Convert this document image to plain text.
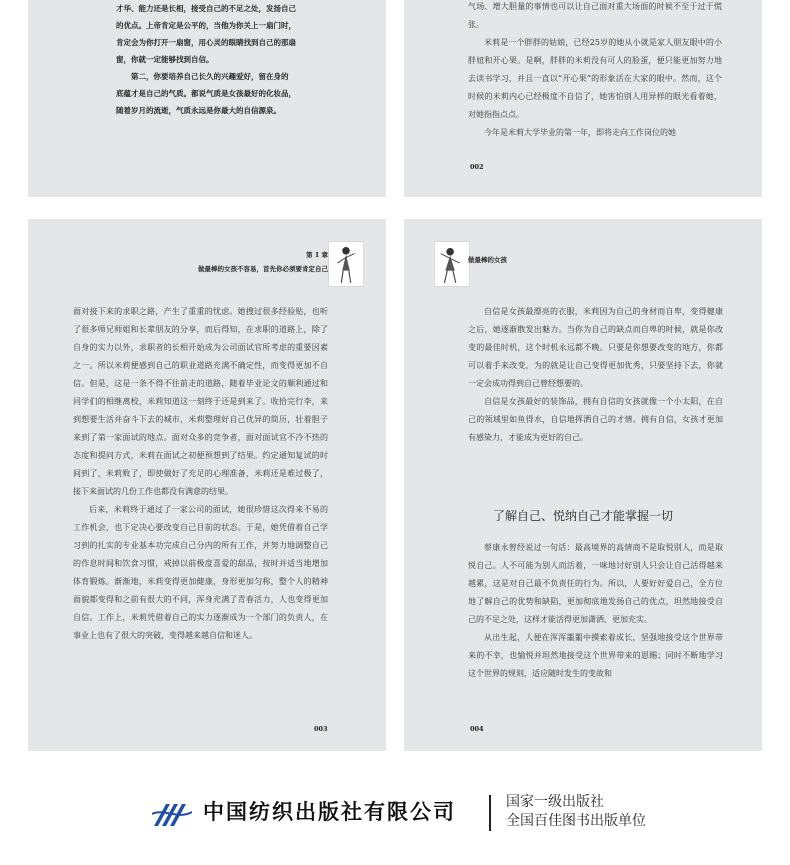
才华、能力还是长相，接受自己的不足之处，发扬自己
的优点。上帝肯定是公平的，当他为你关上一扇门时，
肯定会为你打开一扇窗，用心灵的眼睛找到自己的那扇
窗，你就一定能够找到自信。
第二，你要培养自己长久的兴趣爱好，留在身的
底蕴才是自己的气质。都说气质是女孩最好的化妆品，
随着岁月的流逝，气质永远是你最大的自信源泉。

气场、增大胆量的事情也可以让自己面对重大场面的时候不至于过于慌张。

米莉是一个胖胖的姑娘，已经25岁的她从小就是家人朋友眼中的小胖妞和开心果。是啊，胖胖的米莉没有可人的脸蛋，便只能更加努力地去读书学习，并且一直以“开心果”的形象活在大家的眼中。然而，这个时候的米莉内心已经极度不自信了，她害怕别人用异样的眼光看着她，对她指指点点。

今年是米莉大学毕业的第一年，即将走向工作岗位的她

002
第 1 章
做最棒的女孩不容易，首先你必须要肯定自己

面对接下来的求职之路，产生了重重的忧虑。她搜过很多经验贴，也听了很多师兄师姐和长辈朋友的分享，而后得知，在求职的道路上，除了自身的实力以外，求职者的长相开始成为公司面试官所考虑的重要因素之一。所以米莉便感到自己的职业道路充满不确定性，而变得更加不自信。但是，这是一条不得不往前走的道路，随着毕业论文的顺利通过和同学们的相继离校，米莉知道这一刻终于还是到来了。收拾完行李，来到想要生活并奋斗下去的城市，米莉整理好自己优异的简历，壮着胆子来到了第一家面试的地点。面对众多的竞争者，面对面试官不冷不热的态度和提问方式，米莉在面试之初便预想到了结果。约定通知复试的时间到了，米莉败了，即使做好了充足的心理准备，米莉还是难过极了，接下来面试的几份工作也都没有满意的结果。

后来，米莉终于通过了一家公司的面试，她很珍惜这次得来不易的工作机会，也下定决心要改变自己目前的状态。于是，她凭借着自己学习到的扎实的专业基本功完成自己分内的所有工作，并努力地调整自己的作息时间和饮食习惯，戒掉以前极度喜爱的甜品，按时并适当地增加体育锻炼。渐渐地，米莉变得更加健康，身形更加匀称，整个人的精神面貌都变得和之前有很大的不同，浑身充满了青春活力，人也变得更加自信。工作上，米莉凭借着自己的实力逐渐成为一个部门的负责人，在事业上也有了很大的突破，变得越来越自信和迷人。

003
做最棒的女孩

自信是女孩最漂亮的衣服，米莉因为自己的身材而自卑，变得健康之后，她逐渐散发出魅力。当你为自己的缺点而自卑的时候，就是你改变的最佳时机，这个时机永远都不晚。只要是你想要改变的地方，你都可以着手来改变，为的就是让自己变得更加优秀，只要坚持下去，你就一定会成功得到自己曾经想要的。

自信是女孩最好的装饰品，拥有自信的女孩就像一个小太阳，在自己的领域里如鱼得水，自信地挥洒自己的才情。拥有自信，女孩才更加有感染力，才能成为更好的自己。

了解自己、悦纳自己才能掌握一切

蔡康永曾经说过一句话：最高境界的高情商不是取悦别人，而是取悦自己。人不可能为别人而活着，一味地讨好别人只会让自己活得越来越累，这是对自己最不负责任的行为。所以，人要好好爱自己，全方位地了解自己的优势和缺陷，更加彻底地发扬自己的优点，坦然地接受自己的不足之处，这样才能活得更加潇洒、更加充实。

从出生起，人便在浑浑噩噩中摸索着成长，坚强地接受这个世界带来的不幸，也愉悦并坦然地接受这个世界带来的恩赐；同时不断地学习这个世界的规则，适应随时发生的变故和

004
中国纺织出版社有限公司	国家一级出版社
全国百佳图书出版单位
